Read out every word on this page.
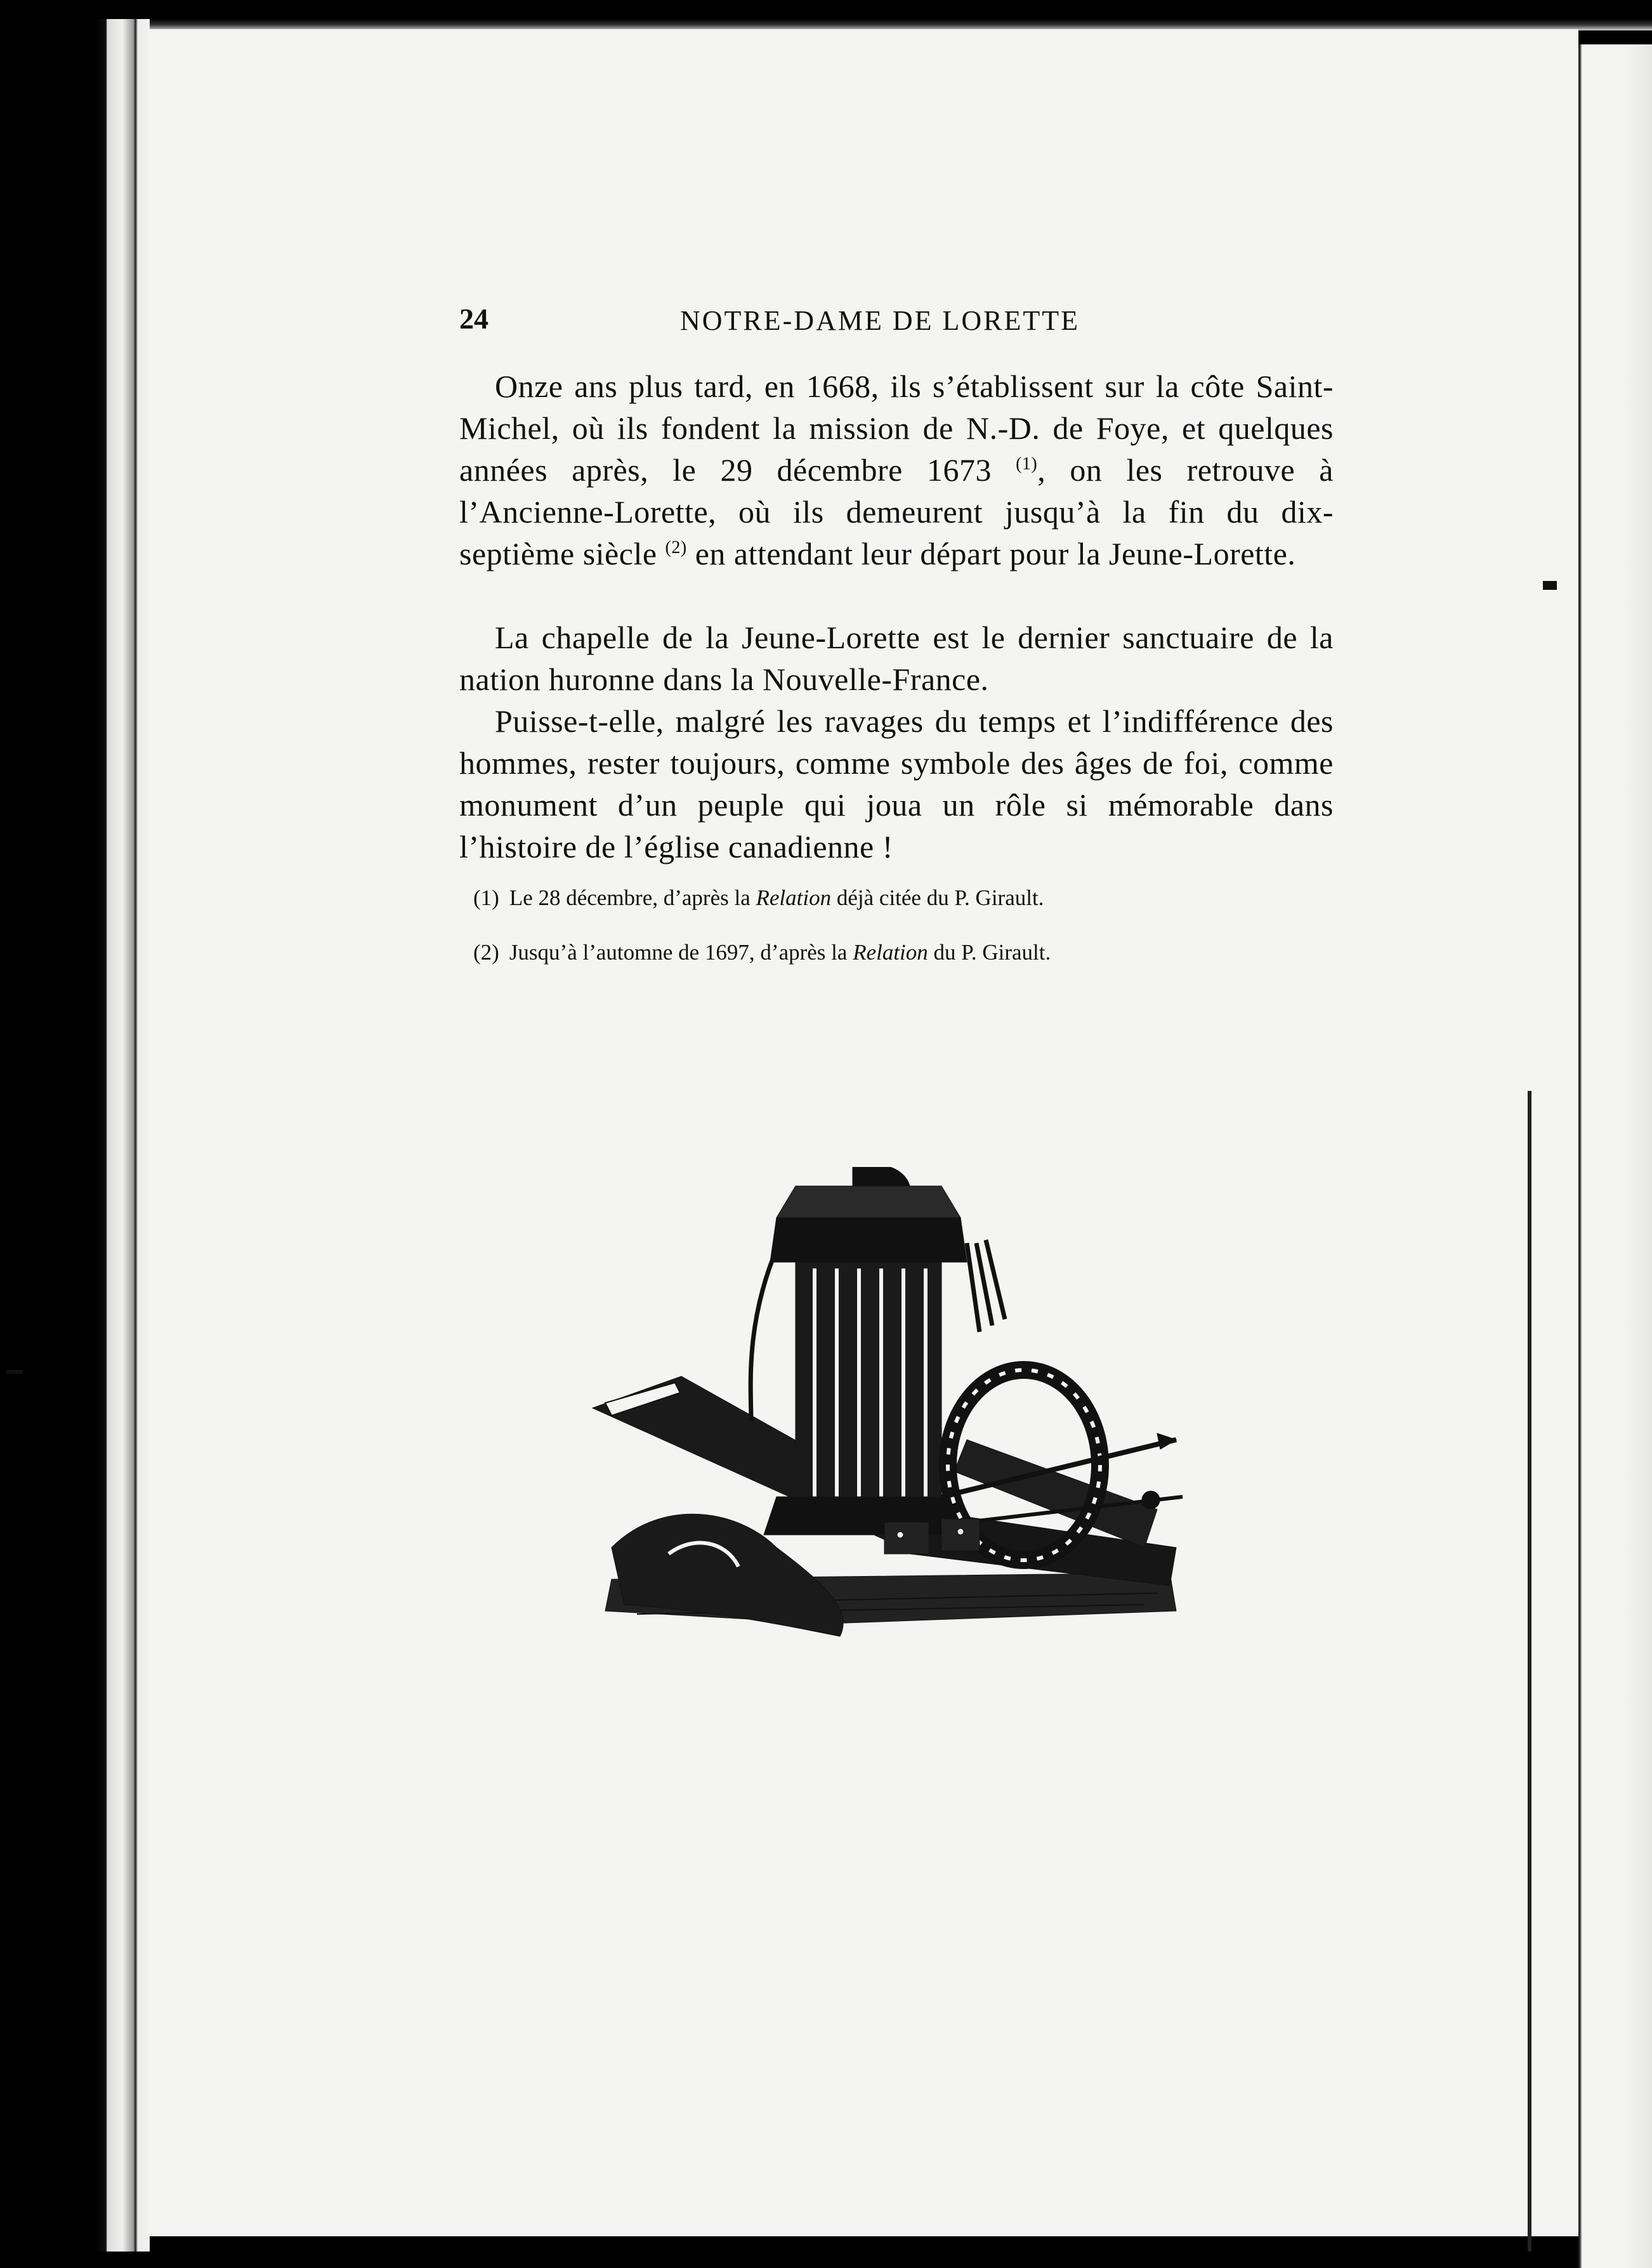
24	NOTRE-DAME DE LORETTE

Onze ans plus tard, en 1668, ils s’établissent sur la côte Saint-Michel, où ils fondent la mission de N.-D. de Foye, et quelques années après, le 29 décembre 1673 $^{(1)}$, on les retrouve à l’Ancienne-Lorette, où ils demeurent jusqu’à la fin du dix-septième siècle $^{(2)}$ en attendant leur départ pour la Jeune-Lorette.

La chapelle de la Jeune-Lorette est le dernier sanctuaire de la nation huronne dans la Nouvelle-France.

Puisse-t-elle, malgré les ravages du temps et l’indifférence des hommes, rester toujours, comme symbole des âges de foi, comme monument d’un peuple qui joua un rôle si mémorable dans l’histoire de l’église canadienne !

(1) Le 28 décembre, d’après la Relation déjà citée du P. Girault.

(2) Jusqu’à l’automne de 1697, d’après la Relation du P. Girault.
